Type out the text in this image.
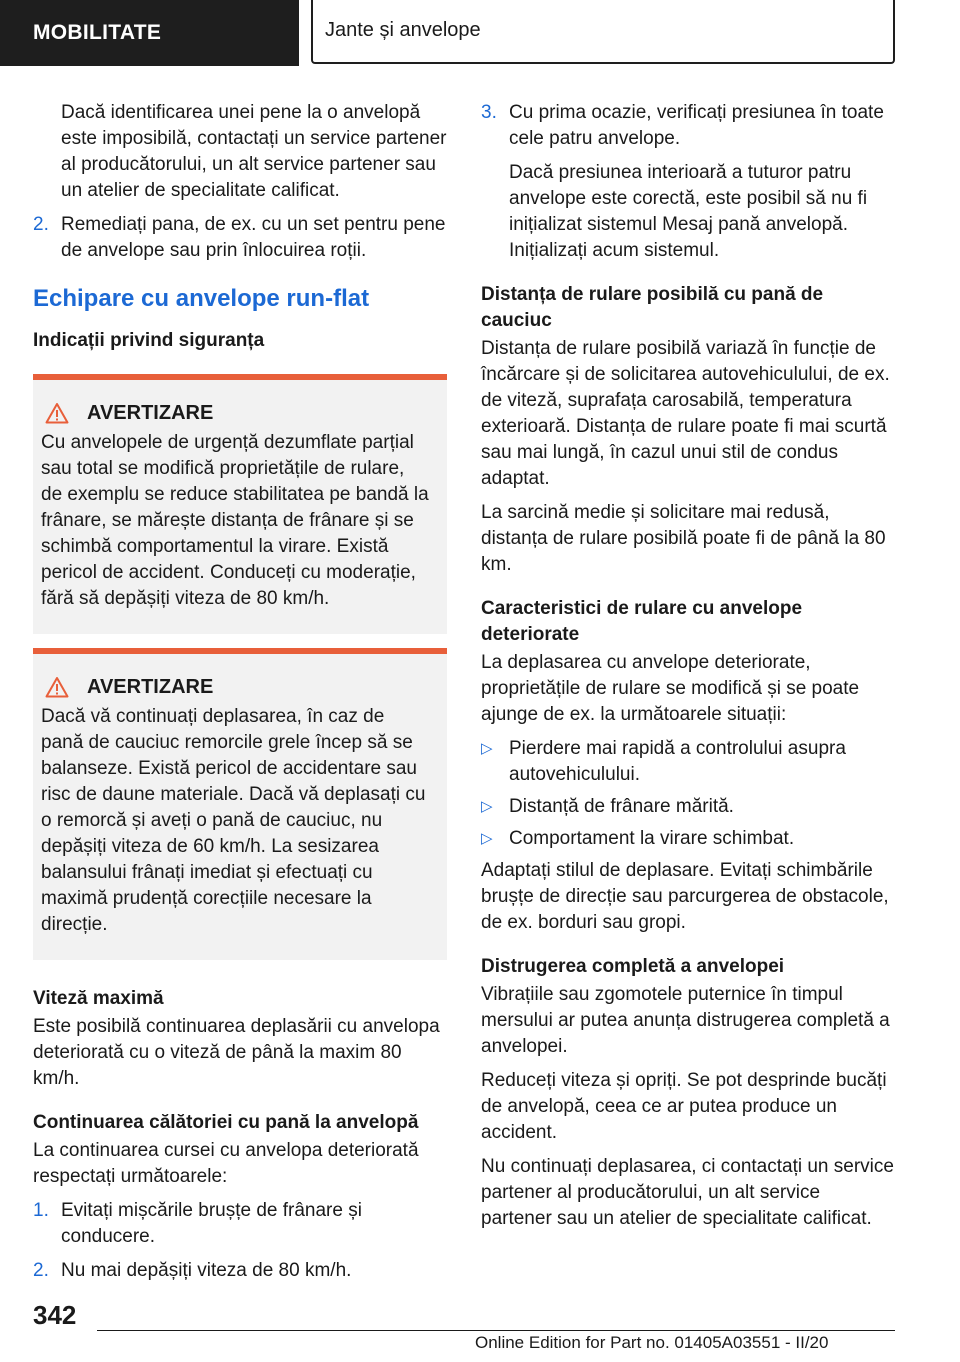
MOBILITATE	Jante și anvelope

Dacă identificarea unei pene la o anvelopă este imposibilă, contactați un service partener al producătorului, un alt service partener sau un atelier de specialitate calificat.

2. Remediați pana, de ex. cu un set pentru pene de anvelope sau prin înlocuirea roții.
Echipare cu anvelope run-flat
Indicații privind siguranța
AVERTIZARE

Cu anvelopele de urgență dezumflate parțial sau total se modifică proprietățile de rulare, de exemplu se reduce stabilitatea pe bandă la frânare, se mărește distanța de frânare și se schimbă comportamentul la virare. Există pericol de accident. Conduceți cu moderație, fără să depășiți viteza de 80 km/h.

AVERTIZARE

Dacă vă continuați deplasarea, în caz de pană de cauciuc remorcile grele încep să se balanseze. Există pericol de accidentare sau risc de daune materiale. Dacă vă deplasați cu o remorcă și aveți o pană de cauciuc, nu depășiți viteza de 60 km/h. La sesizarea balansului frânați imediat și efectuați cu maximă prudență corecțiile necesare la direcție.

Viteză maximă

Este posibilă continuarea deplasării cu anvelopa deteriorată cu o viteză de până la maxim 80 km/h.

Continuarea călătoriei cu pană la anvelopă

La continuarea cursei cu anvelopa deteriorată respectați următoarele:

1. Evitați mișcările brușțe de frânare și conducere.
2. Nu mai depășiți viteza de 80 km/h.
3. Cu prima ocazie, verificați presiunea în toate cele patru anvelope.

Dacă presiunea interioară a tuturor patru anvelope este corectă, este posibil să nu fi inițializat sistemul Mesaj pană anvelopă. Inițializați acum sistemul.

Distanța de rulare posibilă cu pană de cauciuc

Distanța de rulare posibilă variază în funcție de încărcare și de solicitarea autovehiculului, de ex. de viteză, suprafața carosabilă, temperatura exterioară. Distanța de rulare poate fi mai scurtă sau mai lungă, în cazul unui stil de condus adaptat.

La sarcină medie și solicitare mai redusă, distanța de rulare posibilă poate fi de până la 80 km.

Caracteristici de rulare cu anvelope deteriorate

La deplasarea cu anvelope deteriorate, proprietățile de rulare se modifică și se poate ajunge de ex. la următoarele situații:

▷ Pierdere mai rapidă a controlului asupra autovehiculului.
▷ Distanță de frânare mărită.
▷ Comportament la virare schimbat.

Adaptați stilul de deplasare. Evitați schimbările brușțe de direcție sau parcurgerea de obstacole, de ex. borduri sau gropi.

Distrugerea completă a anvelopei

Vibrațiile sau zgomotele puternice în timpul mersului ar putea anunța distrugerea completă a anvelopei.

Reduceți viteza și opriți. Se pot desprinde bucăți de anvelopă, ceea ce ar putea produce un accident.

Nu continuați deplasarea, ci contactați un service partener al producătorului, un alt service partener sau un atelier de specialitate calificat.

342
Online Edition for Part no. 01405A03551 - II/20
